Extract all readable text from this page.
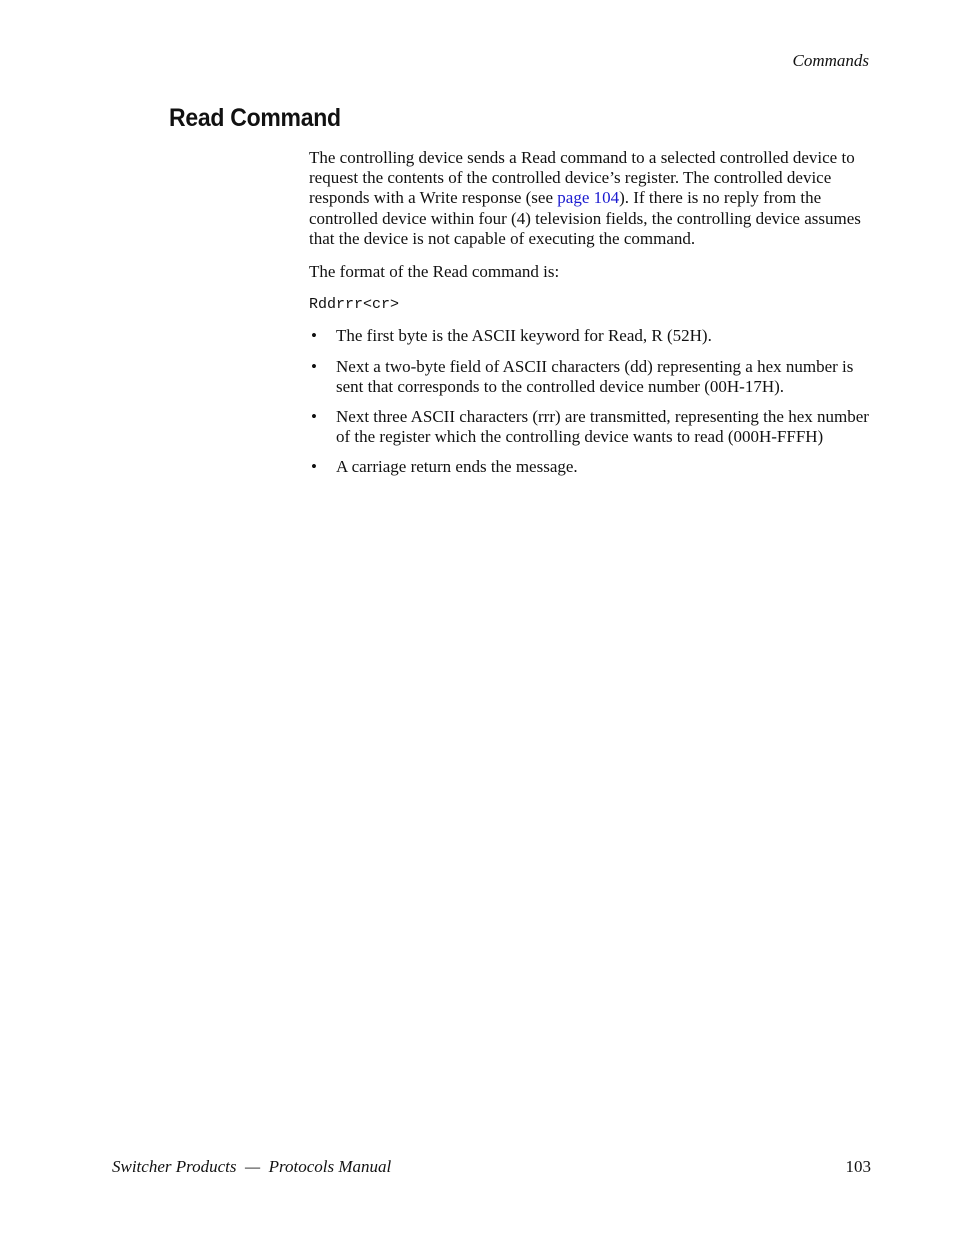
Commands
Read Command

The controlling device sends a Read command to a selected controlled device to request the contents of the controlled device’s register. The controlled device responds with a Write response (see page 104). If there is no reply from the controlled device within four (4) television fields, the controlling device assumes that the device is not capable of executing the command.

The format of the Read command is:

Rddrrr<cr>
• The first byte is the ASCII keyword for Read, R (52H).
• Next a two-byte field of ASCII characters (dd) representing a hex number is sent that corresponds to the controlled device number (00H-17H).
• Next three ASCII characters (rrr) are transmitted, representing the hex number of the register which the controlling device wants to read (000H-FFFH)
• A carriage return ends the message.
Switcher Products  —  Protocols Manual	103
